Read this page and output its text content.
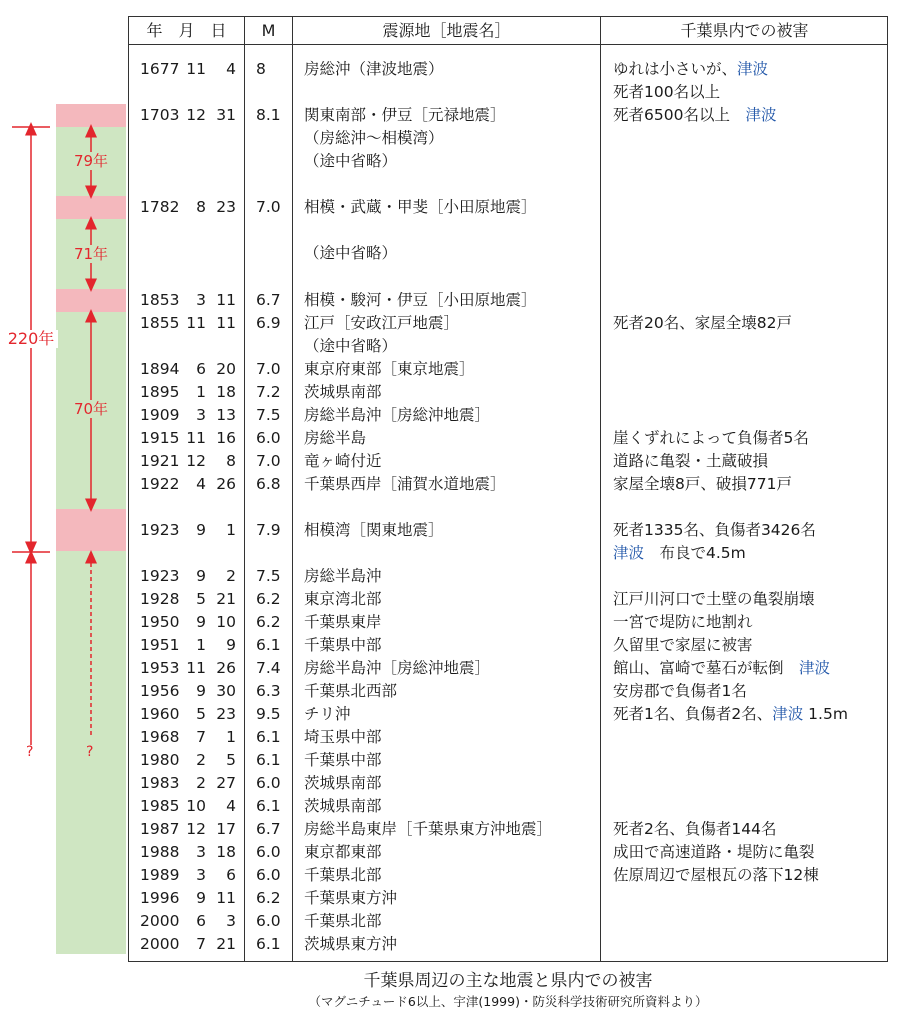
79年
71年
70年
220年
?	?
年　月　日	M	震源地［地震名］	千葉県内での被害
1677 11 4 8	房総沖（津波地震）	ゆれは小さいが、津波
死者100名以上
1703 12 31 8.1	関東南部・伊豆［元禄地震］	死者6500名以上　津波
（房総沖〜相模湾）
（途中省略）
1782 8 23 7.0	相模・武蔵・甲斐［小田原地震］
（途中省略）
1853 3 11 6.7	相模・駿河・伊豆［小田原地震］
1855 11 11 6.9	江戸［安政江戸地震］	死者20名、家屋全壊82戸
（途中省略）
1894 6 20 7.0	東京府東部［東京地震］
1895 1 18 7.2	茨城県南部
1909 3 13 7.5	房総半島沖［房総沖地震］
1915 11 16 6.0	房総半島	崖くずれによって負傷者5名
1921 12 8 7.0	竜ヶ崎付近	道路に亀裂・土蔵破損
1922 4 26 6.8	千葉県西岸［浦賀水道地震］	家屋全壊8戸、破損771戸
1923 9 1 7.9	相模湾［関東地震］	死者1335名、負傷者3426名
津波　布良で4.5m
1923 9 2 7.5	房総半島沖
1928 5 21 6.2	東京湾北部	江戸川河口で土壁の亀裂崩壊
1950 9 10 6.2	千葉県東岸	一宮で堤防に地割れ
1951 1 9 6.1	千葉県中部	久留里で家屋に被害
1953 11 26 7.4	房総半島沖［房総沖地震］	館山、富崎で墓石が転倒　津波
1956 9 30 6.3	千葉県北西部	安房郡で負傷者1名
1960 5 23 9.5	チリ沖	死者1名、負傷者2名、津波 1.5m
1968 7 1 6.1	埼玉県中部
1980 2 5 6.1	千葉県中部
1983 2 27 6.0	茨城県南部
1985 10 4 6.1	茨城県南部
1987 12 17 6.7	房総半島東岸［千葉県東方沖地震］	死者2名、負傷者144名
1988 3 18 6.0	東京都東部	成田で高速道路・堤防に亀裂
1989 3 6 6.0	千葉県北部	佐原周辺で屋根瓦の落下12棟
1996 9 11 6.2	千葉県東方沖
2000 6 3 6.0	千葉県北部
2000 7 21 6.1	茨城県東方沖
千葉県周辺の主な地震と県内での被害
（マグニチュード6以上、宇津(1999)・防災科学技術研究所資料より）
